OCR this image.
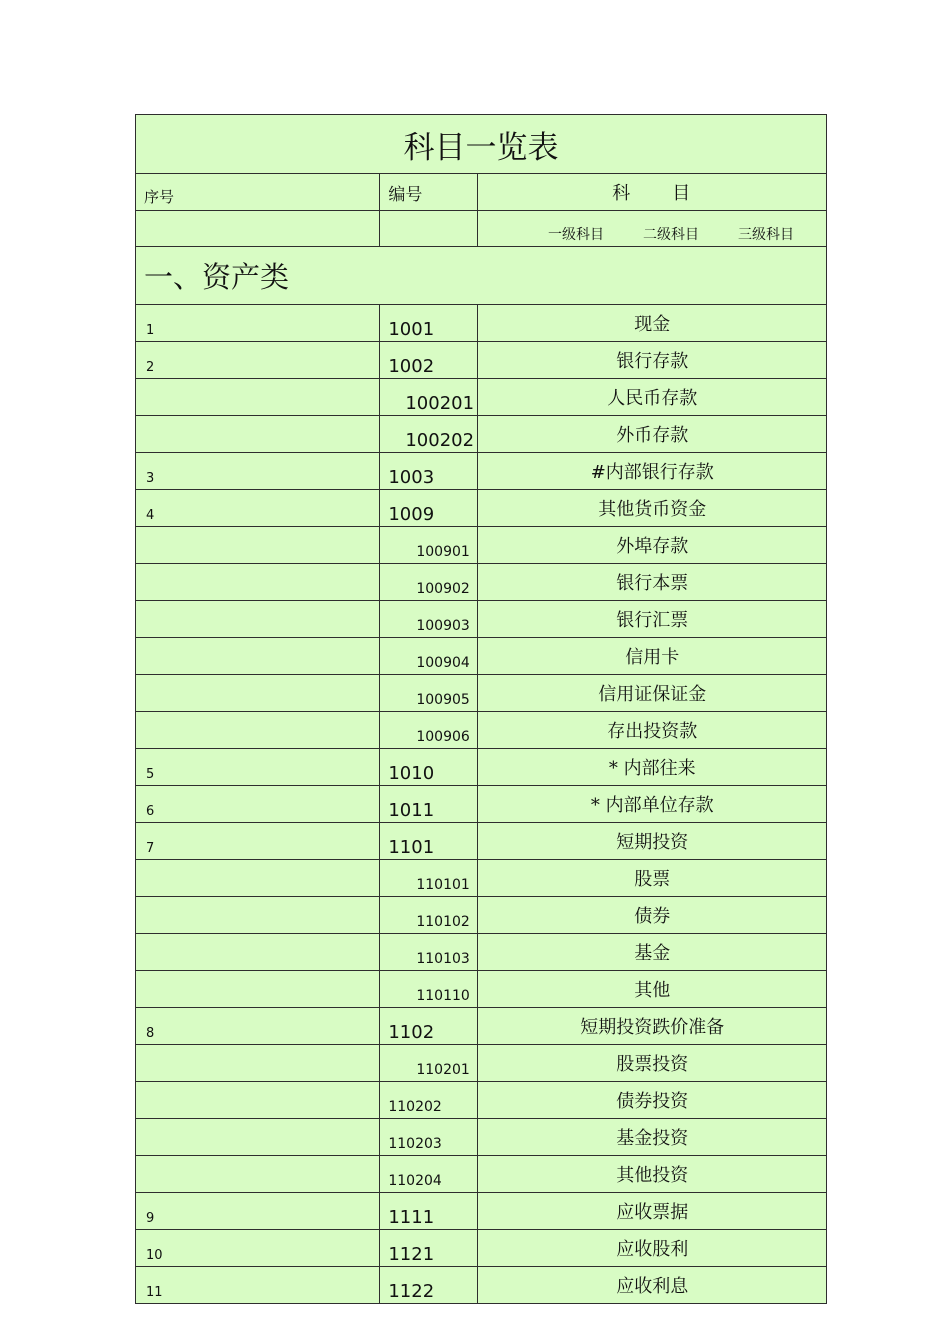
科目一览表		
序号	编号	科　　目
		一级科目 二级科目 三级科目
一、资产类		
1	1001	现金
2	1002	银行存款
	100201	人民币存款
	100202	外币存款
3	1003	#内部银行存款
4	1009	其他货币资金
	100901	外埠存款
	100902	银行本票
	100903	银行汇票
	100904	信用卡
	100905	信用证保证金
	100906	存出投资款
5	1010	* 内部往来
6	1011	* 内部单位存款
7	1101	短期投资
	110101	股票
	110102	债券
	110103	基金
	110110	其他
8	1102	短期投资跌价准备
	110201	股票投资
	110202	债券投资
	110203	基金投资
	110204	其他投资
9	1111	应收票据
10	1121	应收股利
11	1122	应收利息
